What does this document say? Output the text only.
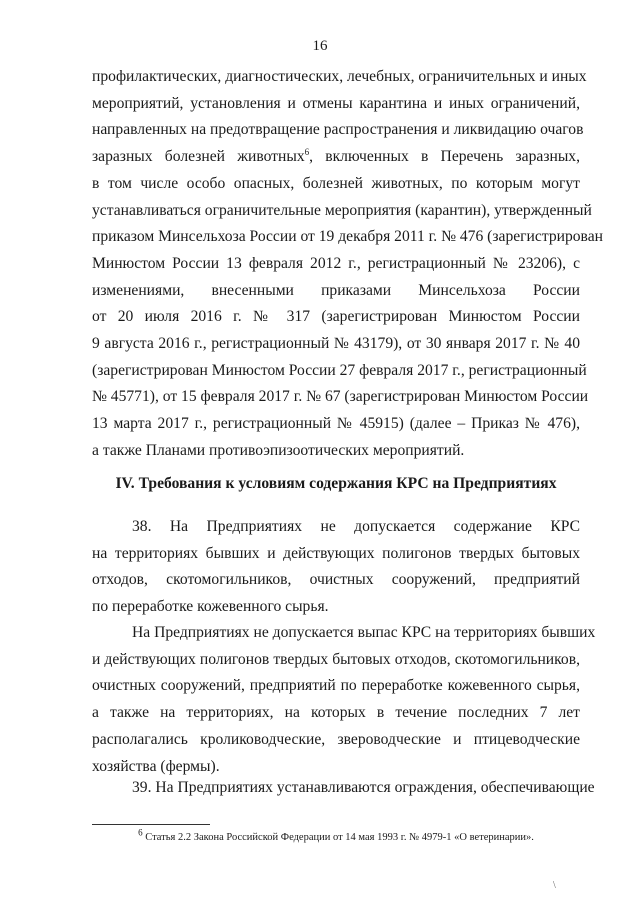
16
профилактических, диагностических, лечебных, ограничительных и иных
мероприятий, установления и отмены карантина и иных ограничений,
направленных на предотвращение распространения и ликвидацию очагов
заразных болезней животных$^6$, включенных в Перечень заразных,
в том числе особо опасных, болезней животных, по которым могут
устанавливаться ограничительные мероприятия (карантин), утвержденный
приказом Минсельхоза России от 19 декабря 2011 г. № 476 (зарегистрирован
Минюстом России 13 февраля 2012 г., регистрационный № 23206), с
изменениями, внесенными приказами Минсельхоза России
от 20 июля 2016 г. № 317 (зарегистрирован Минюстом России
9 августа 2016 г., регистрационный № 43179), от 30 января 2017 г. № 40
(зарегистрирован Минюстом России 27 февраля 2017 г., регистрационный
№ 45771), от 15 февраля 2017 г. № 67 (зарегистрирован Минюстом России
13 марта 2017 г., регистрационный № 45915) (далее – Приказ № 476),
а также Планами противоэпизоотических мероприятий.
IV. Требования к условиям содержания КРС на Предприятиях
38. На Предприятиях не допускается содержание КРС
на территориях бывших и действующих полигонов твердых бытовых
отходов, скотомогильников, очистных сооружений, предприятий
по переработке кожевенного сырья.
На Предприятиях не допускается выпас КРС на территориях бывших
и действующих полигонов твердых бытовых отходов, скотомогильников,
очистных сооружений, предприятий по переработке кожевенного сырья,
а также на территориях, на которых в течение последних 7 лет
располагались кролиководческие, звероводческие и птицеводческие
хозяйства (фермы).
39. На Предприятиях устанавливаются ограждения, обеспечивающие
$^6$ Статья 2.2 Закона Российской Федерации от 14 мая 1993 г. № 4979-1 «О ветеринарии».
\
